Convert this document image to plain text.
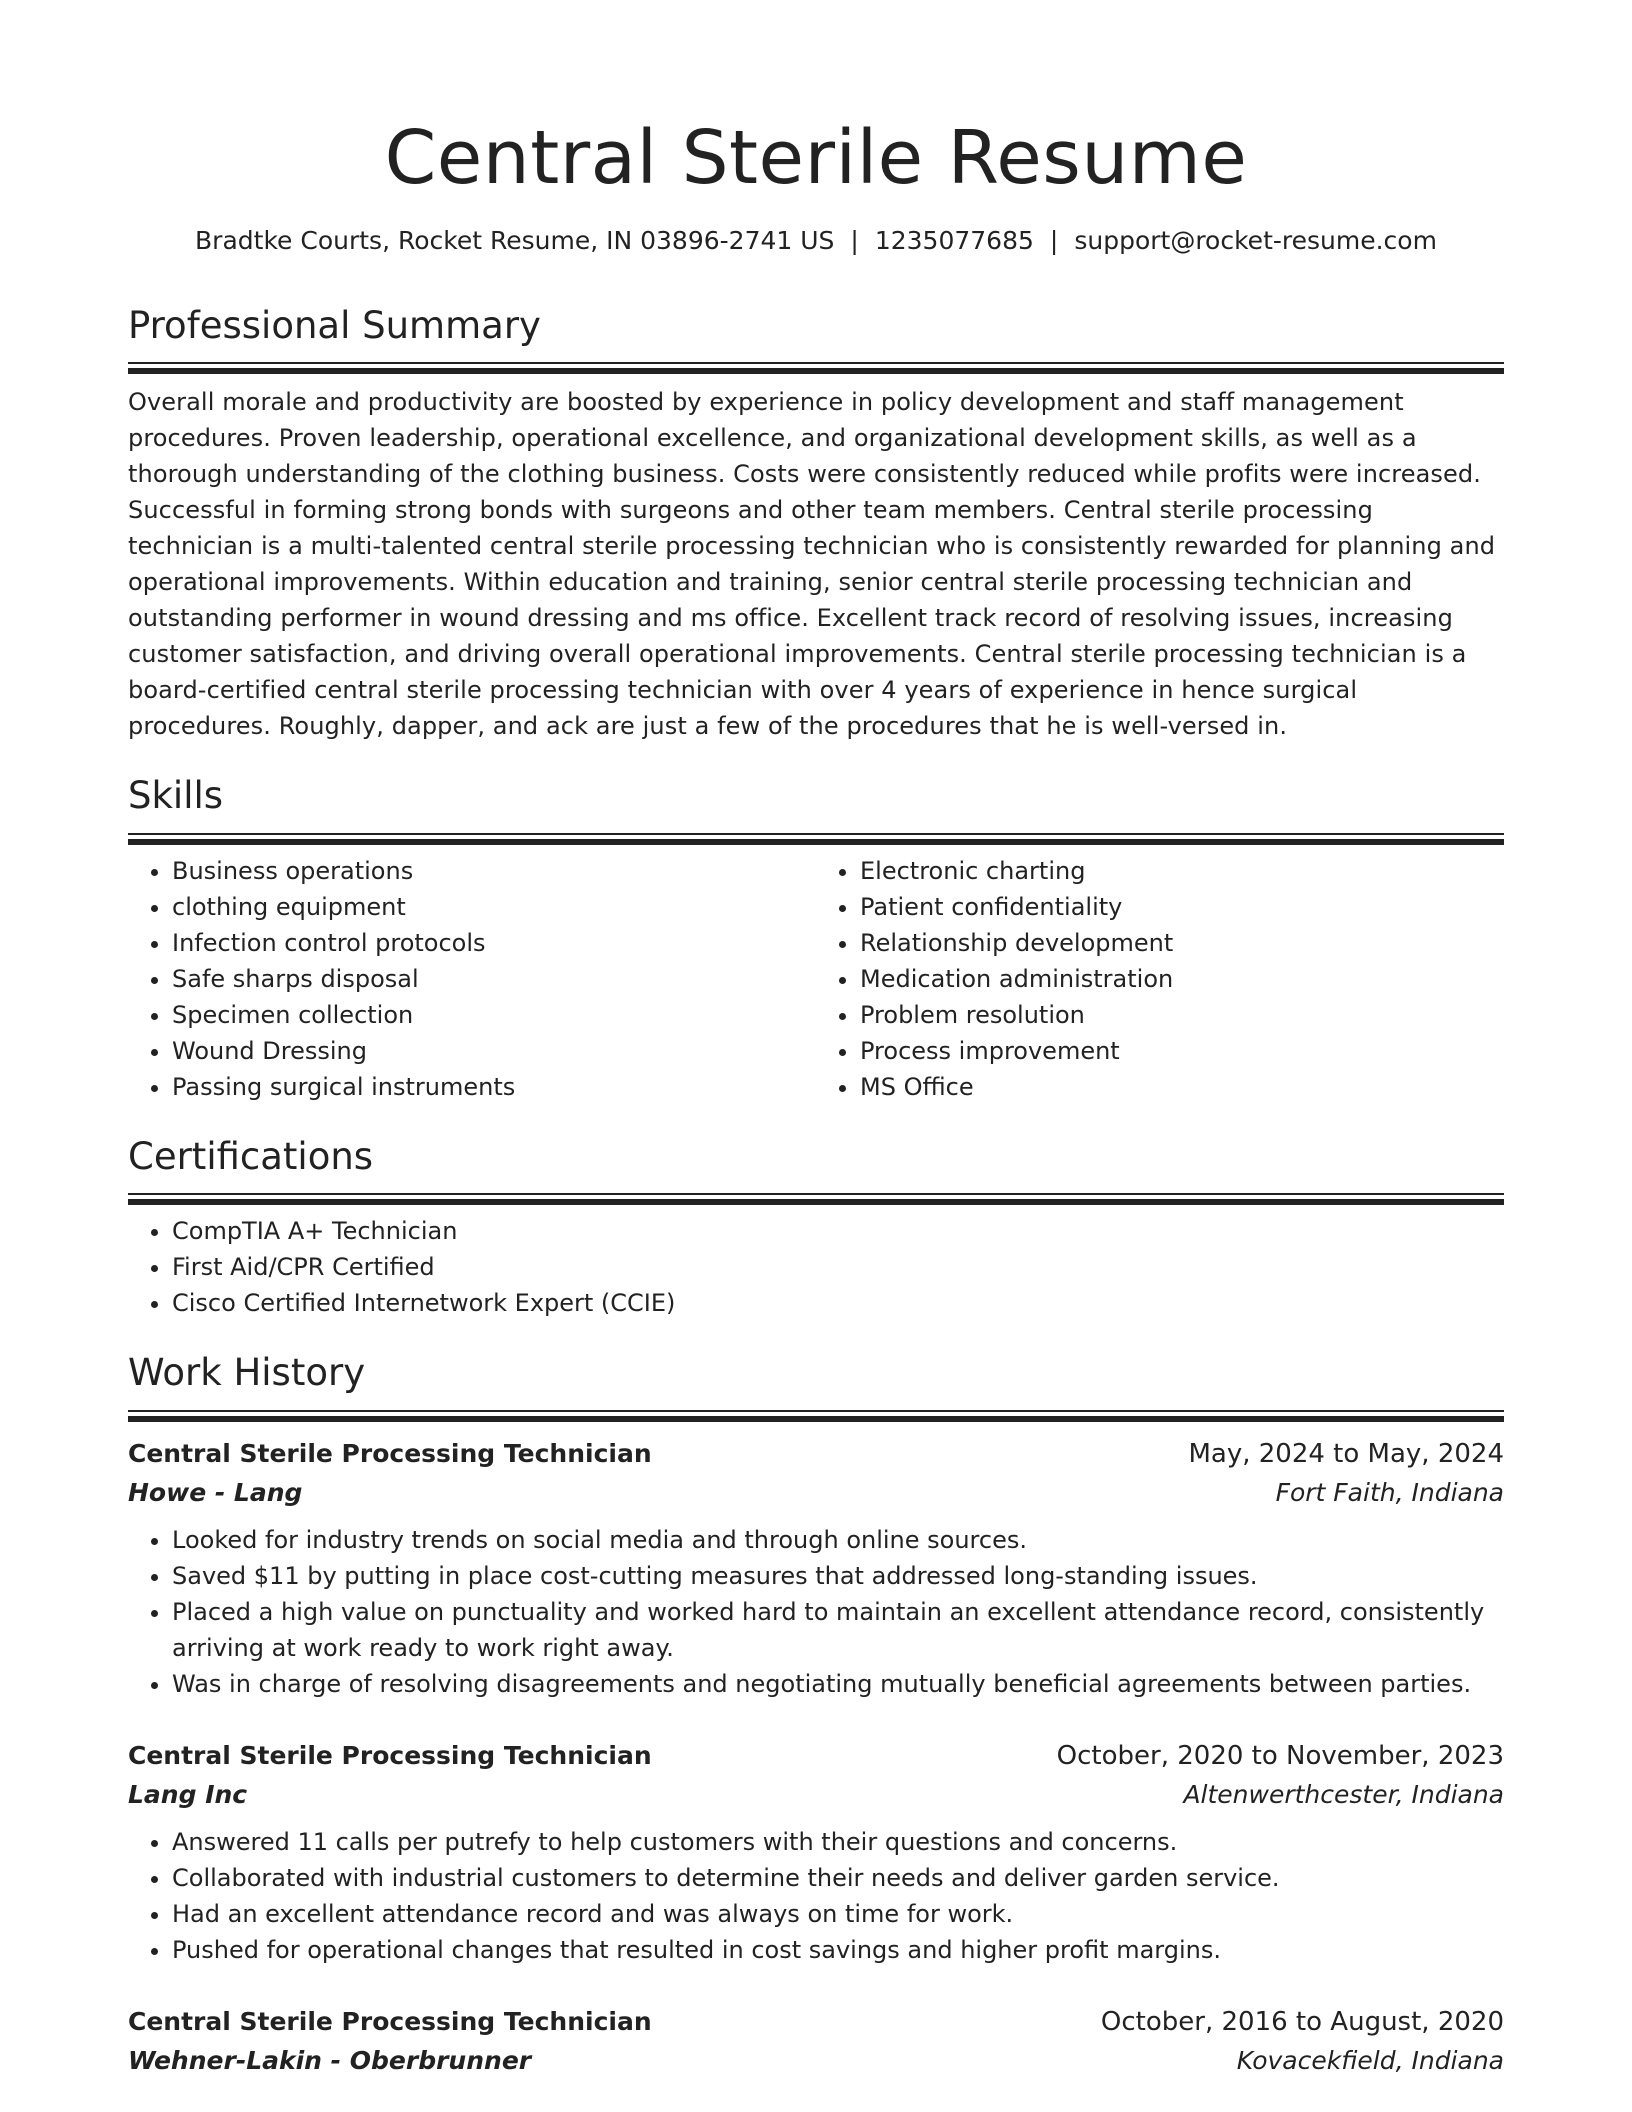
Central Sterile Resume
Bradtke Courts, Rocket Resume, IN 03896-2741 US | 1235077685 | support@rocket-resume.com
Professional Summary
Overall morale and productivity are boosted by experience in policy development and staff management procedures. Proven leadership, operational excellence, and organizational development skills, as well as a thorough understanding of the clothing business. Costs were consistently reduced while profits were increased. Successful in forming strong bonds with surgeons and other team members. Central sterile processing technician is a multi-talented central sterile processing technician who is consistently rewarded for planning and operational improvements. Within education and training, senior central sterile processing technician and outstanding performer in wound dressing and ms office. Excellent track record of resolving issues, increasing customer satisfaction, and driving overall operational improvements. Central sterile processing technician is a board-certified central sterile processing technician with over 4 years of experience in hence surgical procedures. Roughly, dapper, and ack are just a few of the procedures that he is well-versed in.
Skills
• Business operations
• clothing equipment
• Infection control protocols
• Safe sharps disposal
• Specimen collection
• Wound Dressing
• Passing surgical instruments
• Electronic charting
• Patient confidentiality
• Relationship development
• Medication administration
• Problem resolution
• Process improvement
• MS Office
Certifications
• CompTIA A+ Technician
• First Aid/CPR Certified
• Cisco Certified Internetwork Expert (CCIE)
Work History
Central Sterile Processing Technician	May, 2024 to May, 2024
Howe - Lang	Fort Faith, Indiana
• Looked for industry trends on social media and through online sources.
• Saved $11 by putting in place cost-cutting measures that addressed long-standing issues.
• Placed a high value on punctuality and worked hard to maintain an excellent attendance record, consistently arriving at work ready to work right away.
• Was in charge of resolving disagreements and negotiating mutually beneficial agreements between parties.
Central Sterile Processing Technician	October, 2020 to November, 2023
Lang Inc	Altenwerthcester, Indiana
• Answered 11 calls per putrefy to help customers with their questions and concerns.
• Collaborated with industrial customers to determine their needs and deliver garden service.
• Had an excellent attendance record and was always on time for work.
• Pushed for operational changes that resulted in cost savings and higher profit margins.
Central Sterile Processing Technician	October, 2016 to August, 2020
Wehner-Lakin - Oberbrunner	Kovacekfield, Indiana
